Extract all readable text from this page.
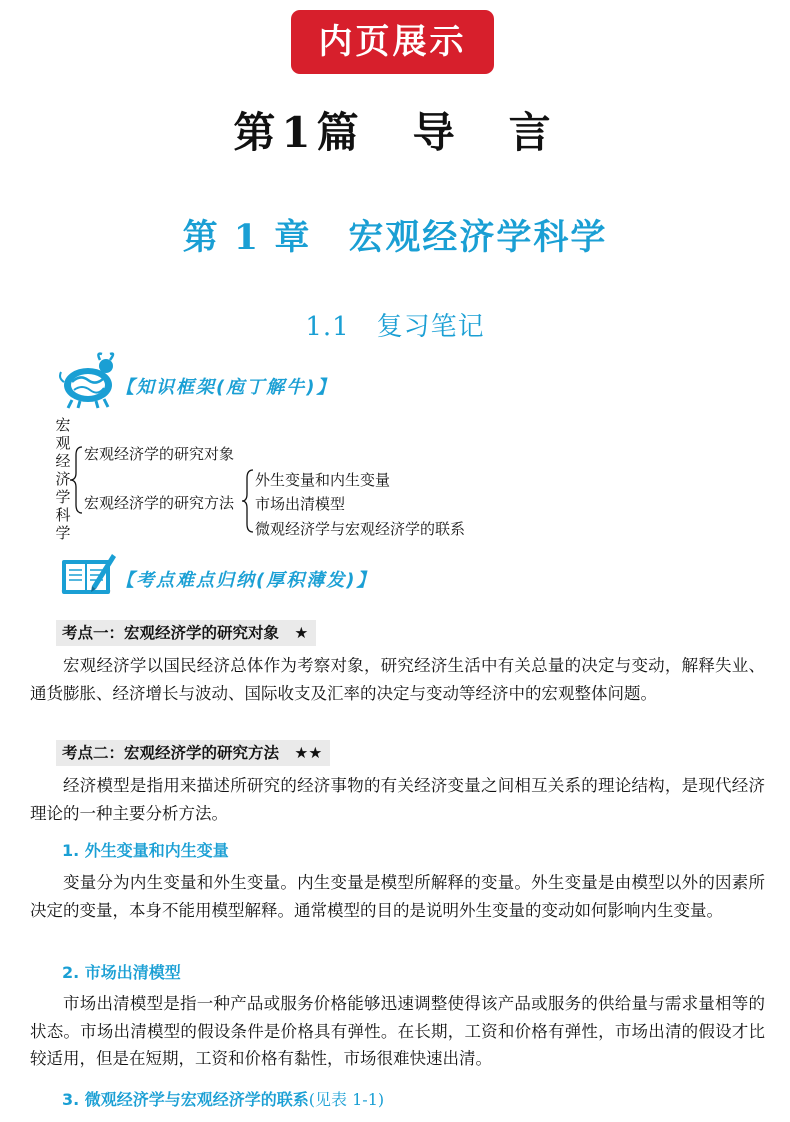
内页展示
第1篇　导　言
第 1 章　宏观经济学科学
1.1　复习笔记
【知识框架(庖丁解牛)】
宏观经济学科学
宏观经济学的研究对象
宏观经济学的研究方法
外生变量和内生变量
市场出清模型
微观经济学与宏观经济学的联系
【考点难点归纳(厚积薄发)】
考点一：宏观经济学的研究对象 ★
宏观经济学以国民经济总体作为考察对象，研究经济生活中有关总量的决定与变动，解释失业、通货膨胀、经济增长与波动、国际收支及汇率的决定与变动等经济中的宏观整体问题。
考点二：宏观经济学的研究方法 ★★
经济模型是指用来描述所研究的经济事物的有关经济变量之间相互关系的理论结构，是现代经济理论的一种主要分析方法。
1. 外生变量和内生变量
变量分为内生变量和外生变量。内生变量是模型所解释的变量。外生变量是由模型以外的因素所决定的变量，本身不能用模型解释。通常模型的目的是说明外生变量的变动如何影响内生变量。
2. 市场出清模型
市场出清模型是指一种产品或服务价格能够迅速调整使得该产品或服务的供给量与需求量相等的状态。市场出清模型的假设条件是价格具有弹性。在长期，工资和价格有弹性，市场出清的假设才比较适用，但是在短期，工资和价格有黏性，市场很难快速出清。
3. 微观经济学与宏观经济学的联系(见表 1-1)
